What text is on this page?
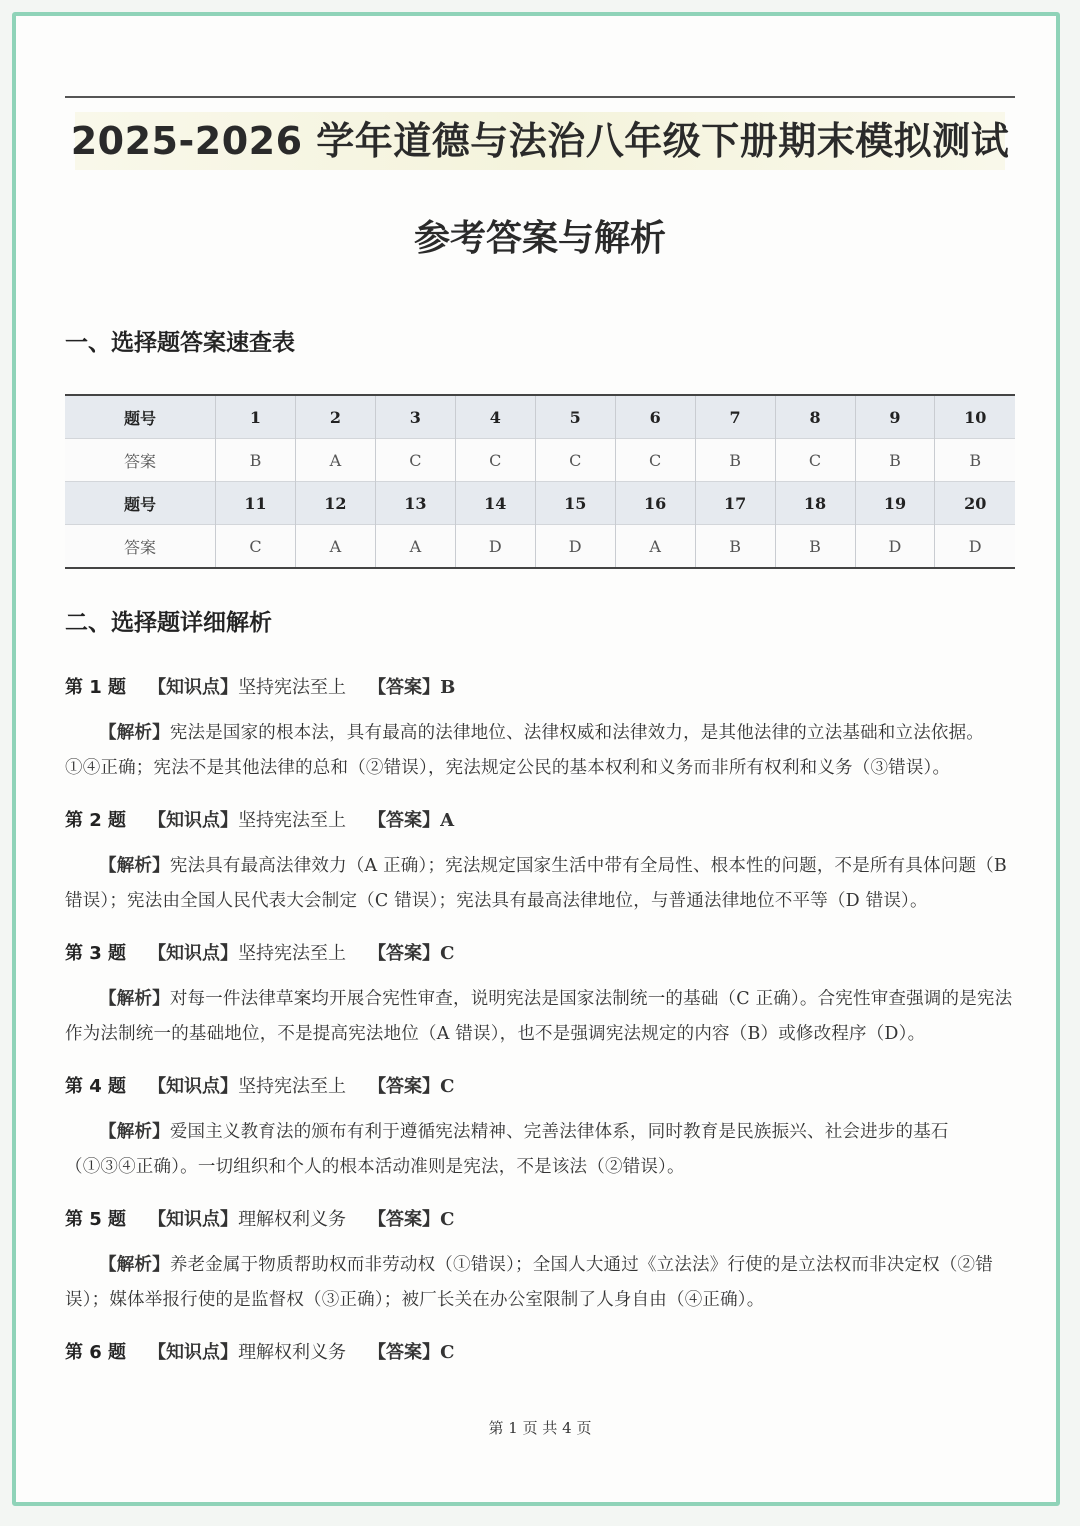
2025-2026 学年道德与法治八年级下册期末模拟测试
参考答案与解析
一、选择题答案速查表
题号	1	2	3	4	5	6	7	8	9	10
答案	B	A	C	C	C	C	B	C	B	B
题号	11	12	13	14	15	16	17	18	19	20
答案	C	A	A	D	D	A	B	B	D	D
二、选择题详细解析
第 1 题 【知识点】坚持宪法至上 【答案】B
【解析】宪法是国家的根本法，具有最高的法律地位、法律权威和法律效力，是其他法律的立法基础和立法依据。①④正确；宪法不是其他法律的总和（②错误），宪法规定公民的基本权利和义务而非所有权利和义务（③错误）。
第 2 题 【知识点】坚持宪法至上 【答案】A
【解析】宪法具有最高法律效力（A 正确）；宪法规定国家生活中带有全局性、根本性的问题，不是所有具体问题（B 错误）；宪法由全国人民代表大会制定（C 错误）；宪法具有最高法律地位，与普通法律地位不平等（D 错误）。
第 3 题 【知识点】坚持宪法至上 【答案】C
【解析】对每一件法律草案均开展合宪性审查，说明宪法是国家法制统一的基础（C 正确）。合宪性审查强调的是宪法作为法制统一的基础地位，不是提高宪法地位（A 错误），也不是强调宪法规定的内容（B）或修改程序（D）。
第 4 题 【知识点】坚持宪法至上 【答案】C
【解析】爱国主义教育法的颁布有利于遵循宪法精神、完善法律体系，同时教育是民族振兴、社会进步的基石（①③④正确）。一切组织和个人的根本活动准则是宪法，不是该法（②错误）。
第 5 题 【知识点】理解权利义务 【答案】C
【解析】养老金属于物质帮助权而非劳动权（①错误）；全国人大通过《立法法》行使的是立法权而非决定权（②错误）；媒体举报行使的是监督权（③正确）；被厂长关在办公室限制了人身自由（④正确）。
第 6 题 【知识点】理解权利义务 【答案】C
第 1 页 共 4 页
